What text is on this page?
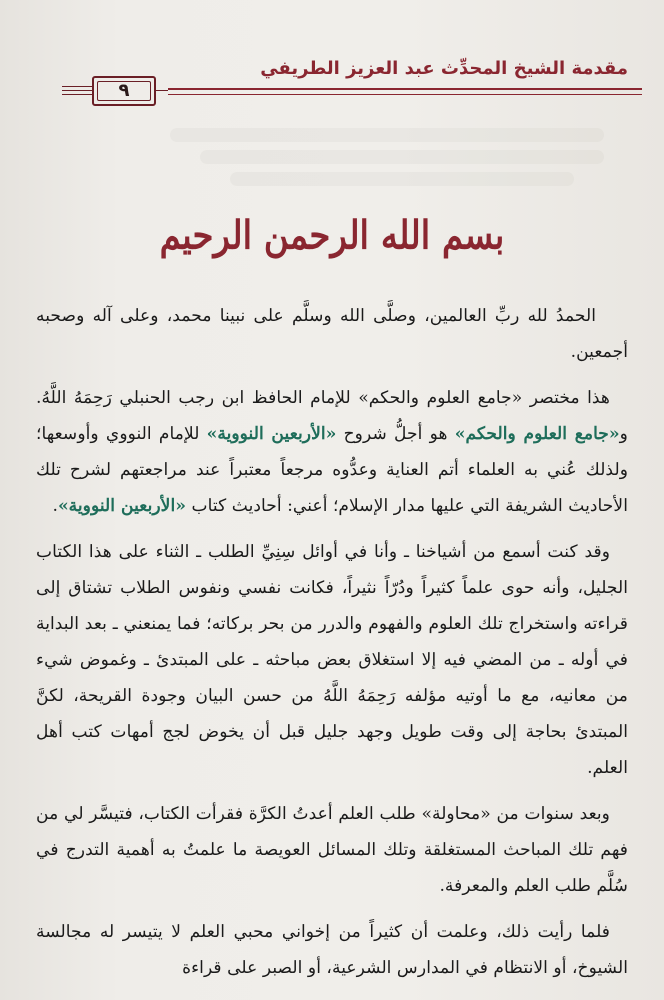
مقدمة الشيخ المحدِّث عبد العزيز الطريفي
٩
بسم الله الرحمن الرحيم

الحمدُ لله ربِّ العالمين، وصلَّى الله وسلَّم على نبينا محمد، وعلى آله وصحبه أجمعين.

هذا مختصر «جامع العلوم والحكم» للإمام الحافظ ابن رجب الحنبلي رَحِمَهُ اللَّهُ. و«جامع العلوم والحكم» هو أجلُّ شروح «الأربعين النووية» للإمام النووي وأوسعها؛ ولذلك عُني به العلماء أتم العناية وعدُّوه مرجعاً معتبراً عند مراجعتهم لشرح تلك الأحاديث الشريفة التي عليها مدار الإسلام؛ أعني: أحاديث كتاب «الأربعين النووية».

وقد كنت أسمع من أشياخنا ـ وأنا في أوائل سِنِيِّ الطلب ـ الثناء على هذا الكتاب الجليل، وأنه حوى علماً كثيراً ودُرّاً نثيراً، فكانت نفسي ونفوس الطلاب تشتاق إلى قراءته واستخراج تلك العلوم والفهوم والدرر من بحر بركاته؛ فما يمنعني ـ بعد البداية في أوله ـ من المضي فيه إلا استغلاق بعض مباحثه ـ على المبتدئ ـ وغموض شيء من معانيه، مع ما أوتيه مؤلفه رَحِمَهُ اللَّهُ من حسن البيان وجودة القريحة، لكنَّ المبتدئ بحاجة إلى وقت طويل وجهد جليل قبل أن يخوض لجج أمهات كتب أهل العلم.

وبعد سنوات من «محاولة» طلب العلم أعدتُ الكرَّة فقرأت الكتاب، فتيسَّر لي من فهم تلك المباحث المستغلقة وتلك المسائل العويصة ما علمتُ به أهمية التدرج في سُلَّم طلب العلم والمعرفة.

فلما رأيت ذلك، وعلمت أن كثيراً من إخواني محبي العلم لا يتيسر له مجالسة الشيوخ، أو الانتظام في المدارس الشرعية، أو الصبر على قراءة
